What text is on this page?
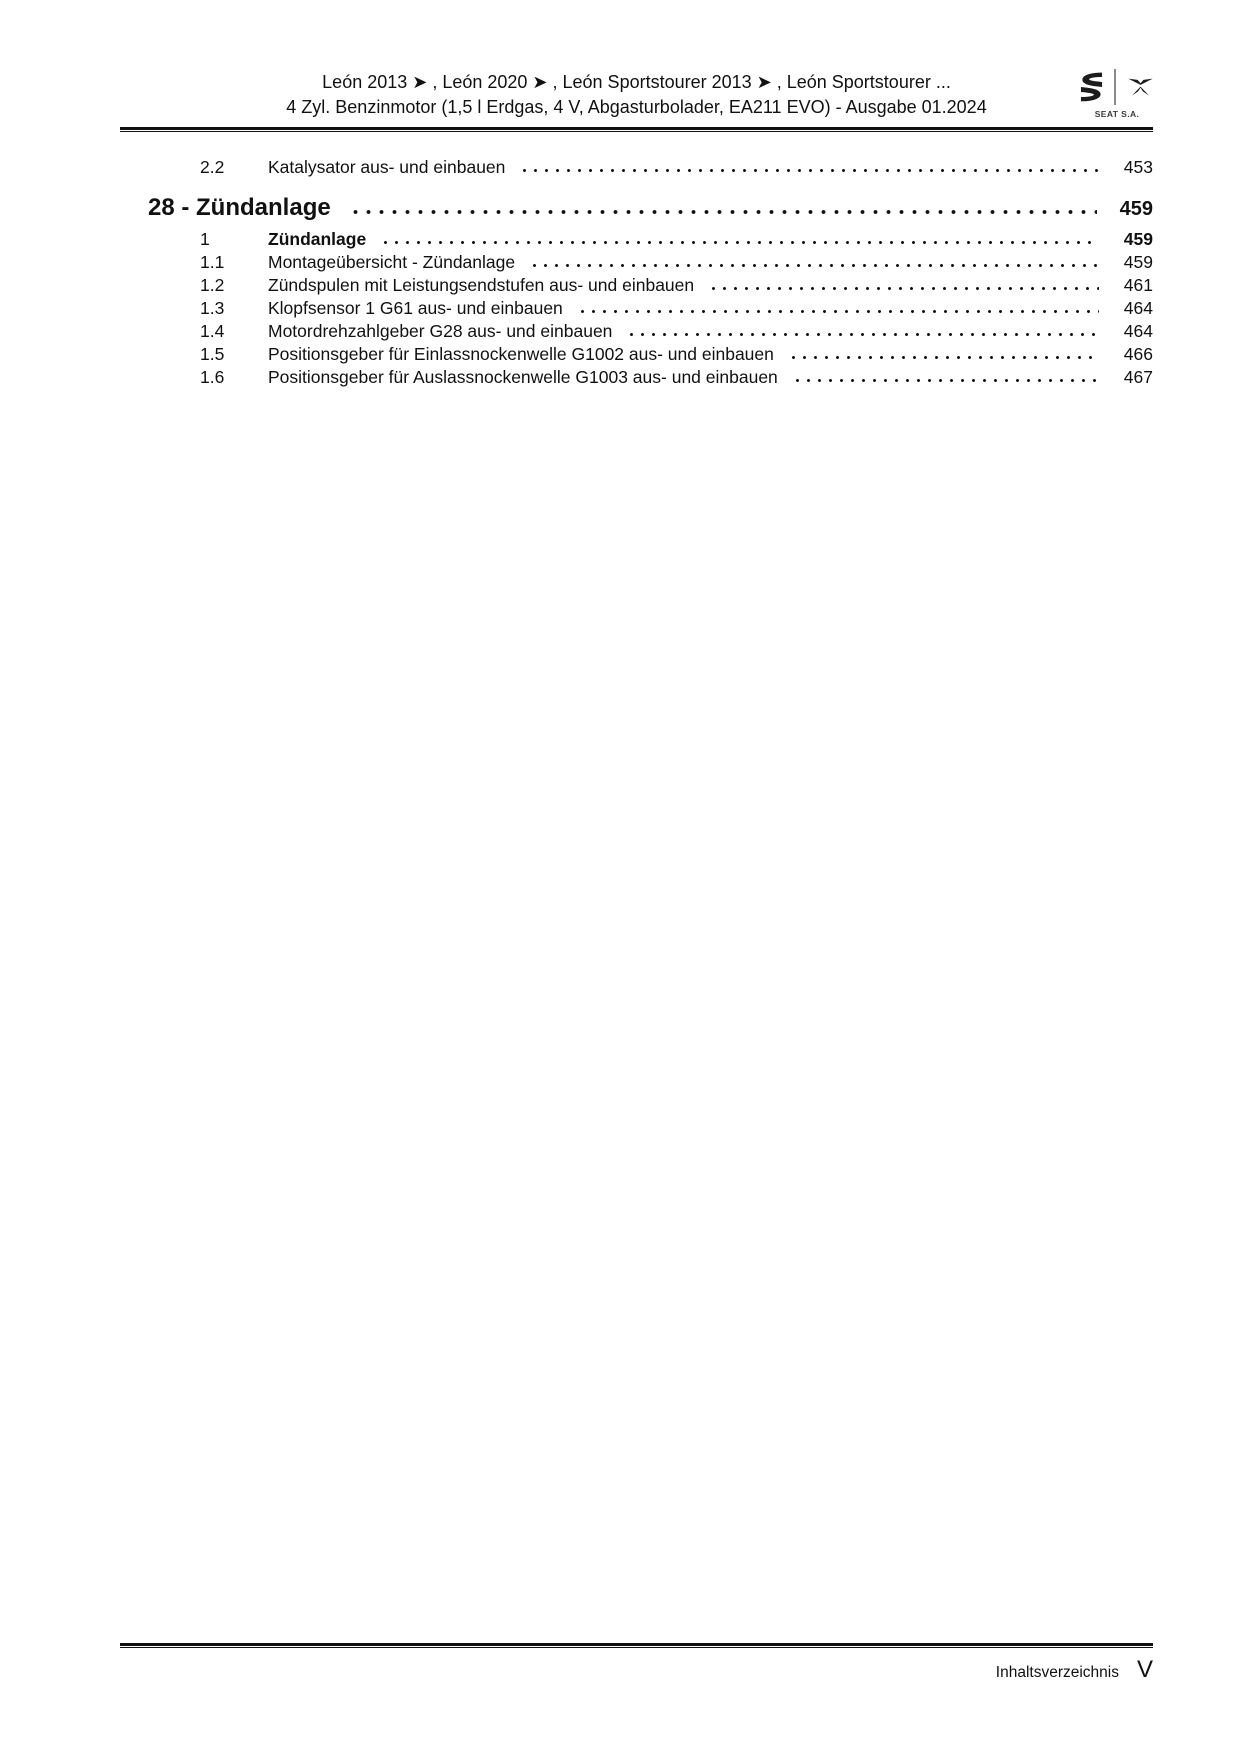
León 2013 ➤ , León 2020 ➤ , León Sportstourer 2013 ➤ , León Sportstourer ...
4 Zyl. Benzinmotor (1,5 l Erdgas, 4 V, Abgasturbolader, EA211 EVO) - Ausgabe 01.2024	SEAT S.A.
2.2	Katalysator aus- und einbauen	453
28 - Zündanlage	459
1	Zündanlage	459
1.1	Montageübersicht - Zündanlage	459
1.2	Zündspulen mit Leistungsendstufen aus- und einbauen	461
1.3	Klopfsensor 1 G61 aus- und einbauen	464
1.4	Motordrehzahlgeber G28 aus- und einbauen	464
1.5	Positionsgeber für Einlassnockenwelle G1002 aus- und einbauen	466
1.6	Positionsgeber für Auslassnockenwelle G1003 aus- und einbauen	467
Inhaltsverzeichnis V
